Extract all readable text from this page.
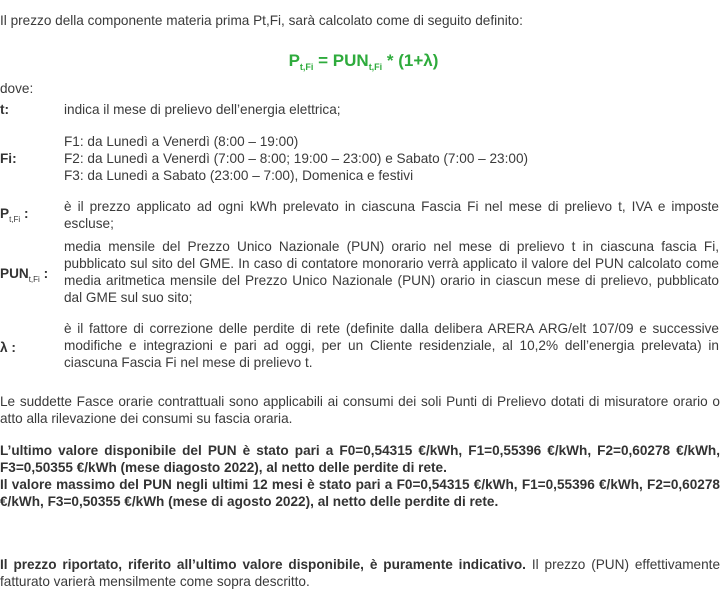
Il prezzo della componente materia prima Pt,Fi, sarà calcolato come di seguito definito:
$P_{t,Fi} = PUN_{t,Fi} * (1+\lambda)$
dove:
t:	indica il mese di prelievo dell’energia elettrica;
Fi:
F1: da Lunedì a Venerdì (8:00 – 19:00)
F2: da Lunedì a Venerdì (7:00 – 8:00; 19:00 – 23:00) e Sabato (7:00 – 23:00)
F3: da Lunedì a Sabato (23:00 – 7:00), Domenica e festivi
$P_{t,Fi}$ :	è il prezzo applicato ad ogni kWh prelevato in ciascuna Fascia Fi nel mese di prelievo t, IVA e imposte escluse;
$PUN_{t,Fi}$ :
media mensile del Prezzo Unico Nazionale (PUN) orario nel mese di prelievo t in ciascuna fascia Fi, pubblicato sul sito del GME. In caso di contatore monorario verrà applicato il valore del PUN calcolato come media aritmetica mensile del Prezzo Unico Nazionale (PUN) orario in ciascun mese di prelievo, pubblicato dal GME sul suo sito;
λ :
è il fattore di correzione delle perdite di rete (definite dalla delibera ARERA ARG/elt 107/09 e successive modifiche e integrazioni e pari ad oggi, per un Cliente residenziale, al 10,2% dell’energia prelevata) in ciascuna Fascia Fi nel mese di prelievo t.
Le suddette Fasce orarie contrattuali sono applicabili ai consumi dei soli Punti di Prelievo dotati di misuratore orario o atto alla rilevazione dei consumi su fascia oraria.
L’ultimo valore disponibile del PUN è stato pari a F0=0,54315 €/kWh, F1=0,55396 €/kWh, F2=0,60278 €/kWh, F3=0,50355 €/kWh (mese diagosto 2022), al netto delle perdite di rete.
Il valore massimo del PUN negli ultimi 12 mesi è stato pari a F0=0,54315 €/kWh, F1=0,55396 €/kWh, F2=0,60278 €/kWh, F3=0,50355 €/kWh (mese di agosto 2022), al netto delle perdite di rete.
Il prezzo riportato, riferito all’ultimo valore disponibile, è puramente indicativo. Il prezzo (PUN) effettivamente fatturato varierà mensilmente come sopra descritto.
